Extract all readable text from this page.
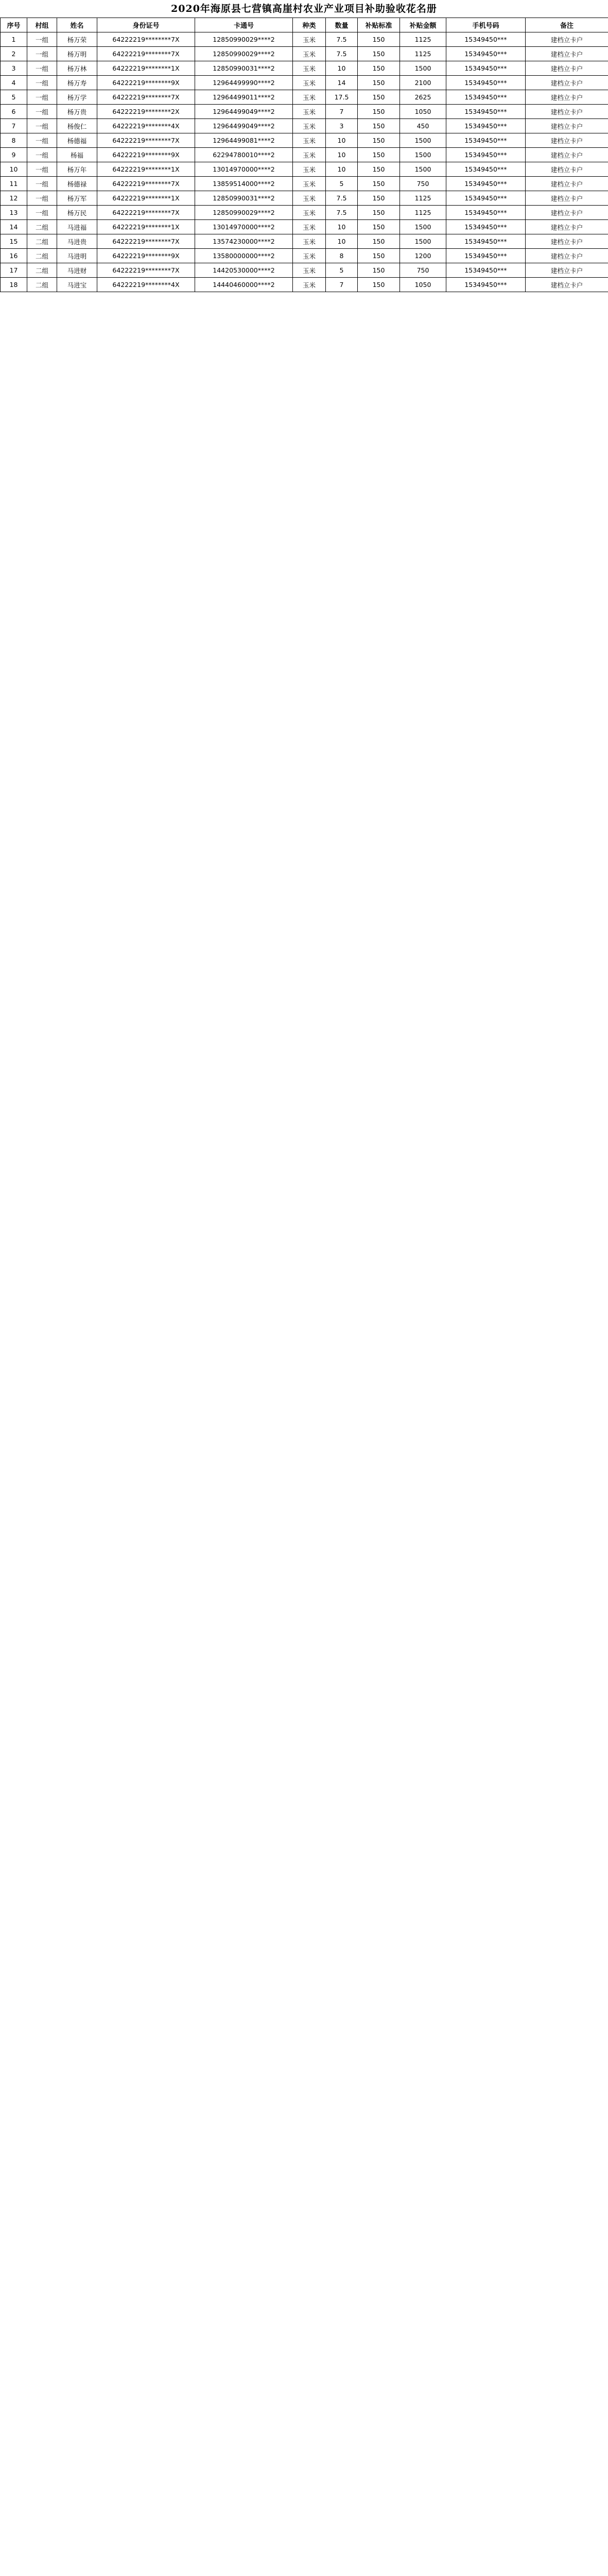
2020年海原县七营镇高崖村农业产业项目补助验收花名册
序号	村组	姓名	身份证号	卡通号	种类	数量	补贴标准	补贴金额	手机号码	备注
1	一组	杨万荣	64222219********7X	12850990029****2	玉米	7.5	150	1125	15349450***	建档立卡户
2	一组	杨万明	64222219********7X	12850990029****2	玉米	7.5	150	1125	15349450***	建档立卡户
3	一组	杨万林	64222219********1X	12850990031****2	玉米	10	150	1500	15349450***	建档立卡户
4	一组	杨万寿	64222219********9X	12964499990****2	玉米	14	150	2100	15349450***	建档立卡户
5	一组	杨万学	64222219********7X	12964499011****2	玉米	17.5	150	2625	15349450***	建档立卡户
6	一组	杨万贵	64222219********2X	12964499049****2	玉米	7	150	1050	15349450***	建档立卡户
7	一组	杨俊仁	64222219********4X	12964499049****2	玉米	3	150	450	15349450***	建档立卡户
8	一组	杨德福	64222219********7X	12964499081****2	玉米	10	150	1500	15349450***	建档立卡户
9	一组	杨福	64222219********9X	62294780010****2	玉米	10	150	1500	15349450***	建档立卡户
10	一组	杨万年	64222219********1X	13014970000****2	玉米	10	150	1500	15349450***	建档立卡户
11	一组	杨德禄	64222219********7X	13859514000****2	玉米	5	150	750	15349450***	建档立卡户
12	一组	杨万军	64222219********1X	12850990031****2	玉米	7.5	150	1125	15349450***	建档立卡户
13	一组	杨万民	64222219********7X	12850990029****2	玉米	7.5	150	1125	15349450***	建档立卡户
14	二组	马进福	64222219********1X	13014970000****2	玉米	10	150	1500	15349450***	建档立卡户
15	二组	马进贵	64222219********7X	13574230000****2	玉米	10	150	1500	15349450***	建档立卡户
16	二组	马进明	64222219********9X	13580000000****2	玉米	8	150	1200	15349450***	建档立卡户
17	二组	马进财	64222219********7X	14420530000****2	玉米	5	150	750	15349450***	建档立卡户
18	二组	马进宝	64222219********4X	14440460000****2	玉米	7	150	1050	15349450***	建档立卡户
